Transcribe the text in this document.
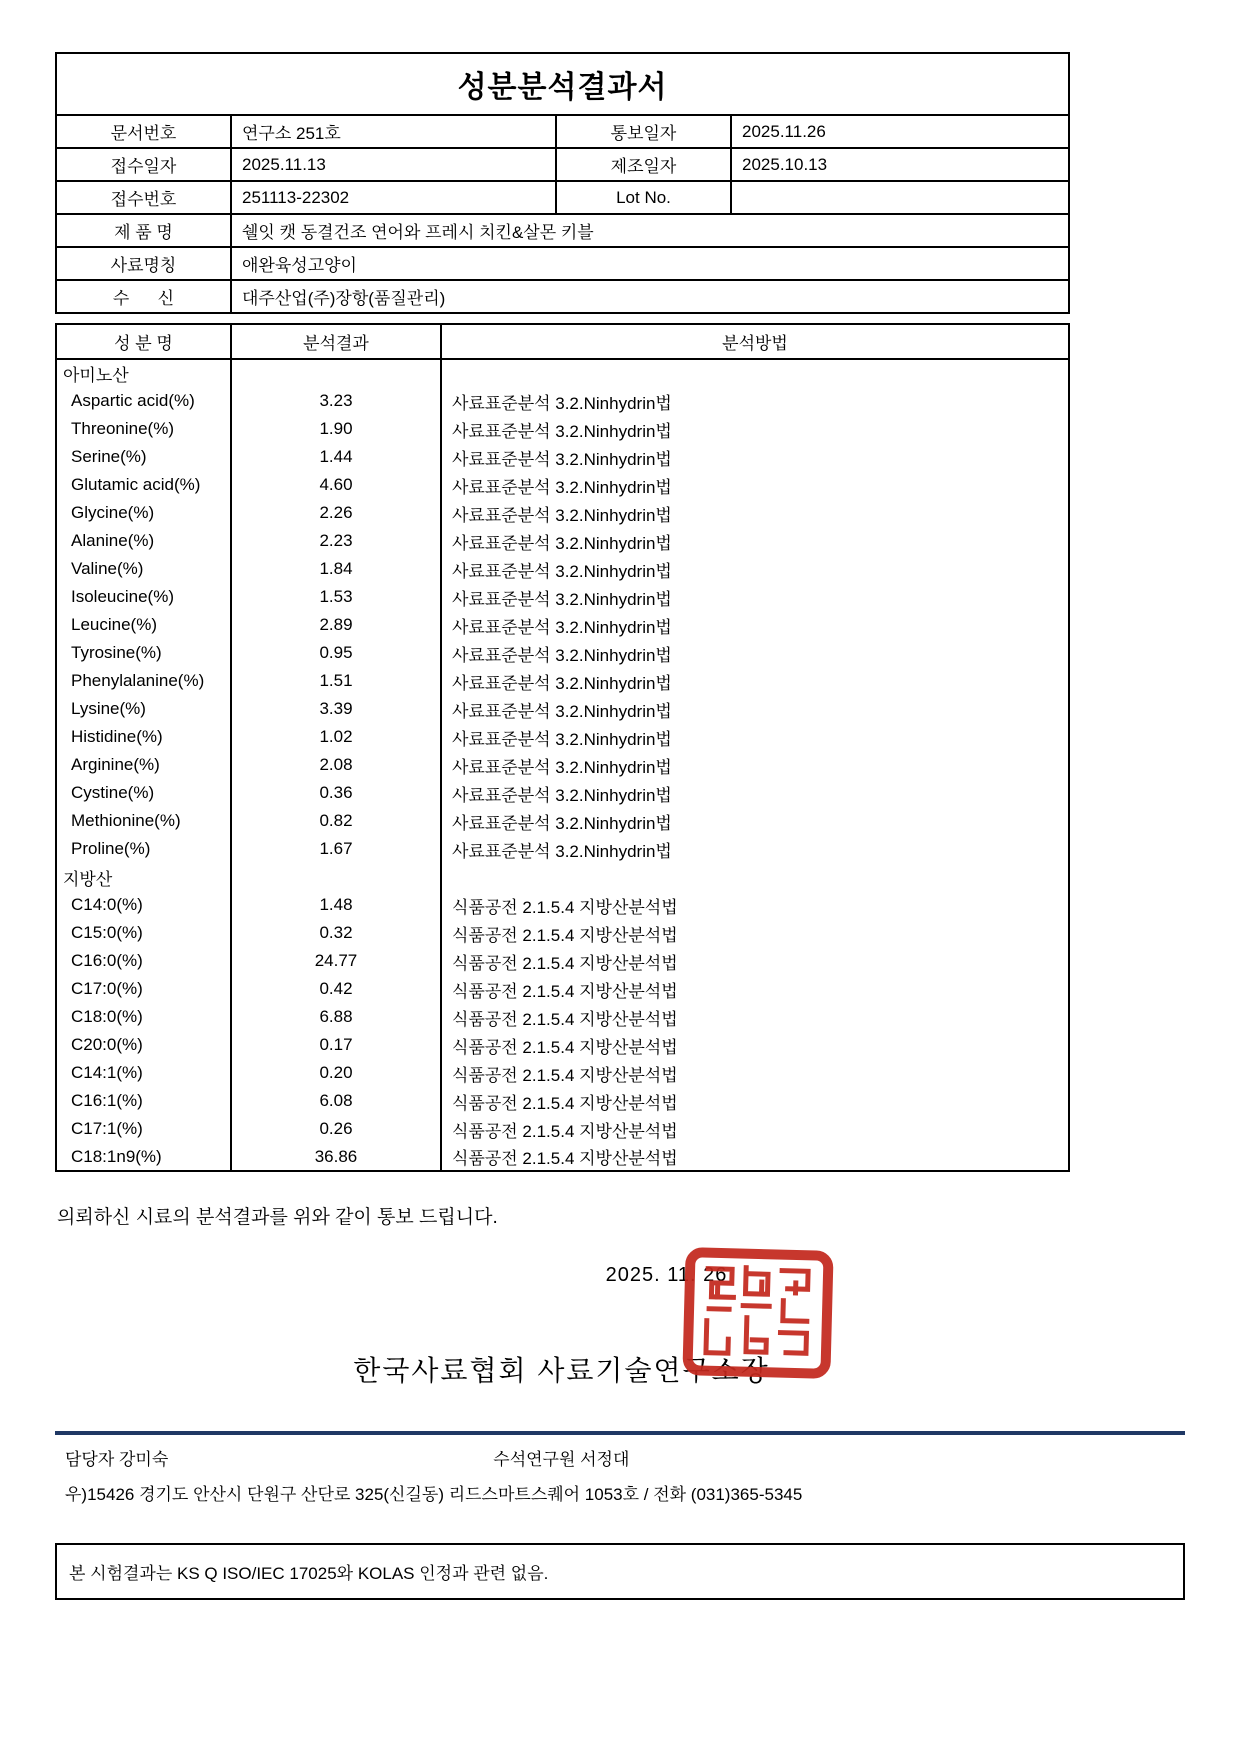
성분분석결과서			
문서번호	연구소 251호	통보일자	2025.11.26
접수일자	2025.11.13	제조일자	2025.10.13
접수번호	251113-22302	Lot No.	
제 품 명	쉘잇 캣 동결건조 연어와 프레시 치킨&살몬 키블		
사료명칭	애완육성고양이		
수      신	대주산업(주)장항(품질관리)		
성 분 명	분석결과	분석방법
아미노산		
Aspartic acid(%)	3.23	사료표준분석 3.2.Ninhydrin법
Threonine(%)	1.90	사료표준분석 3.2.Ninhydrin법
Serine(%)	1.44	사료표준분석 3.2.Ninhydrin법
Glutamic acid(%)	4.60	사료표준분석 3.2.Ninhydrin법
Glycine(%)	2.26	사료표준분석 3.2.Ninhydrin법
Alanine(%)	2.23	사료표준분석 3.2.Ninhydrin법
Valine(%)	1.84	사료표준분석 3.2.Ninhydrin법
Isoleucine(%)	1.53	사료표준분석 3.2.Ninhydrin법
Leucine(%)	2.89	사료표준분석 3.2.Ninhydrin법
Tyrosine(%)	0.95	사료표준분석 3.2.Ninhydrin법
Phenylalanine(%)	1.51	사료표준분석 3.2.Ninhydrin법
Lysine(%)	3.39	사료표준분석 3.2.Ninhydrin법
Histidine(%)	1.02	사료표준분석 3.2.Ninhydrin법
Arginine(%)	2.08	사료표준분석 3.2.Ninhydrin법
Cystine(%)	0.36	사료표준분석 3.2.Ninhydrin법
Methionine(%)	0.82	사료표준분석 3.2.Ninhydrin법
Proline(%)	1.67	사료표준분석 3.2.Ninhydrin법
지방산		
C14:0(%)	1.48	식품공전 2.1.5.4 지방산분석법
C15:0(%)	0.32	식품공전 2.1.5.4 지방산분석법
C16:0(%)	24.77	식품공전 2.1.5.4 지방산분석법
C17:0(%)	0.42	식품공전 2.1.5.4 지방산분석법
C18:0(%)	6.88	식품공전 2.1.5.4 지방산분석법
C20:0(%)	0.17	식품공전 2.1.5.4 지방산분석법
C14:1(%)	0.20	식품공전 2.1.5.4 지방산분석법
C16:1(%)	6.08	식품공전 2.1.5.4 지방산분석법
C17:1(%)	0.26	식품공전 2.1.5.4 지방산분석법
C18:1n9(%)	36.86	식품공전 2.1.5.4 지방산분석법
의뢰하신 시료의 분석결과를 위와 같이 통보 드립니다.
2025. 11. 26
한국사료협회 사료기술연구소장
담당자 강미숙	수석연구원 서정대
우)15426 경기도 안산시 단원구 산단로 325(신길동) 리드스마트스퀘어 1053호 / 전화 (031)365-5345
본 시험결과는 KS Q ISO/IEC 17025와 KOLAS 인정과 관련 없음.
